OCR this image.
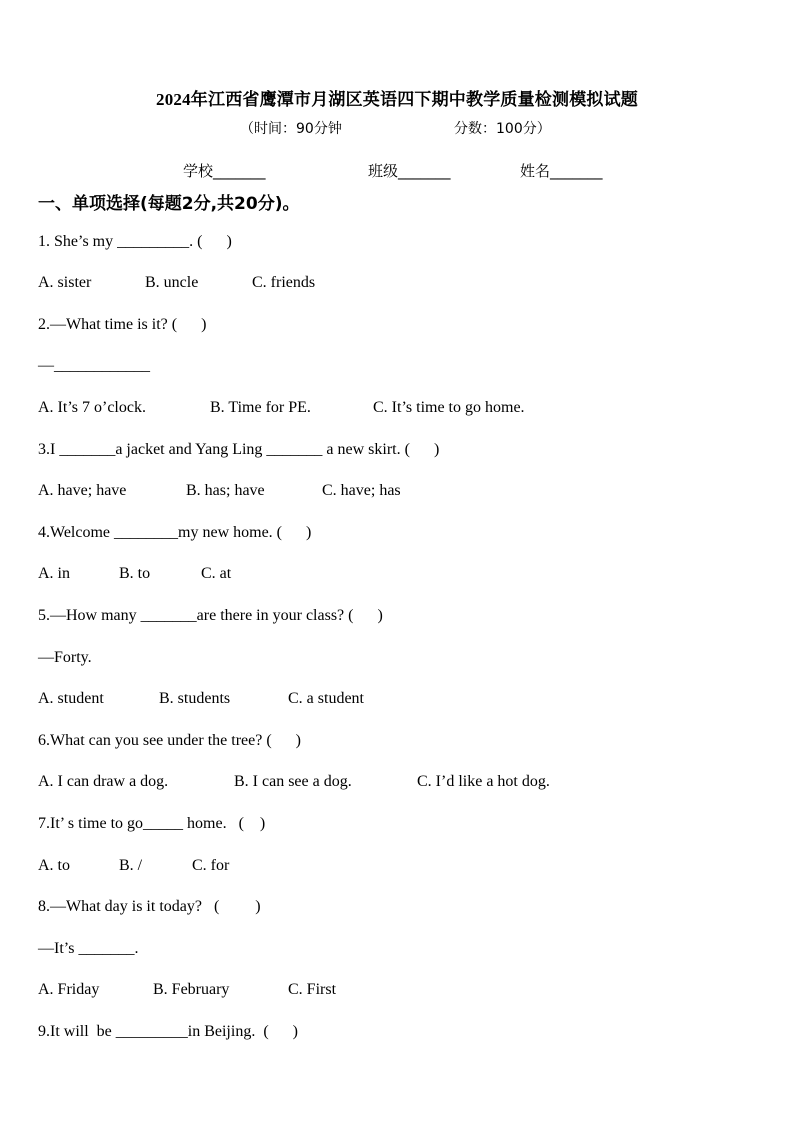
2024年江西省鹰潭市月湖区英语四下期中教学质量检测模拟试题
（时间：90分钟	分数：100分）
学校_______	班级_______	姓名_______
一、单项选择(每题2分,共20分)。
1. She’s my _________. (      )
A. sister	B. uncle	C. friends
2.—What time is it? (      )
—____________
A. It’s 7 o’clock.	B. Time for PE.	C. It’s time to go home.
3.I _______a jacket and Yang Ling _______ a new skirt. (      )
A. have; have	B. has; have	C. have; has
4.Welcome ________my new home. (      )
A. in	B. to	C. at
5.—How many _______are there in your class? (      )
—Forty.
A. student	B. students	C. a student
6.What can you see under the tree? (      )
A. I can draw a dog.	B. I can see a dog.	C. I’d like a hot dog.
7.It’ s time to go_____ home.   (    )
A. to	B. /	C. for
8.—What day is it today?   (         )
—It’s _______.
A. Friday	B. February	C. First
9.It will  be _________in Beijing.  (      )
